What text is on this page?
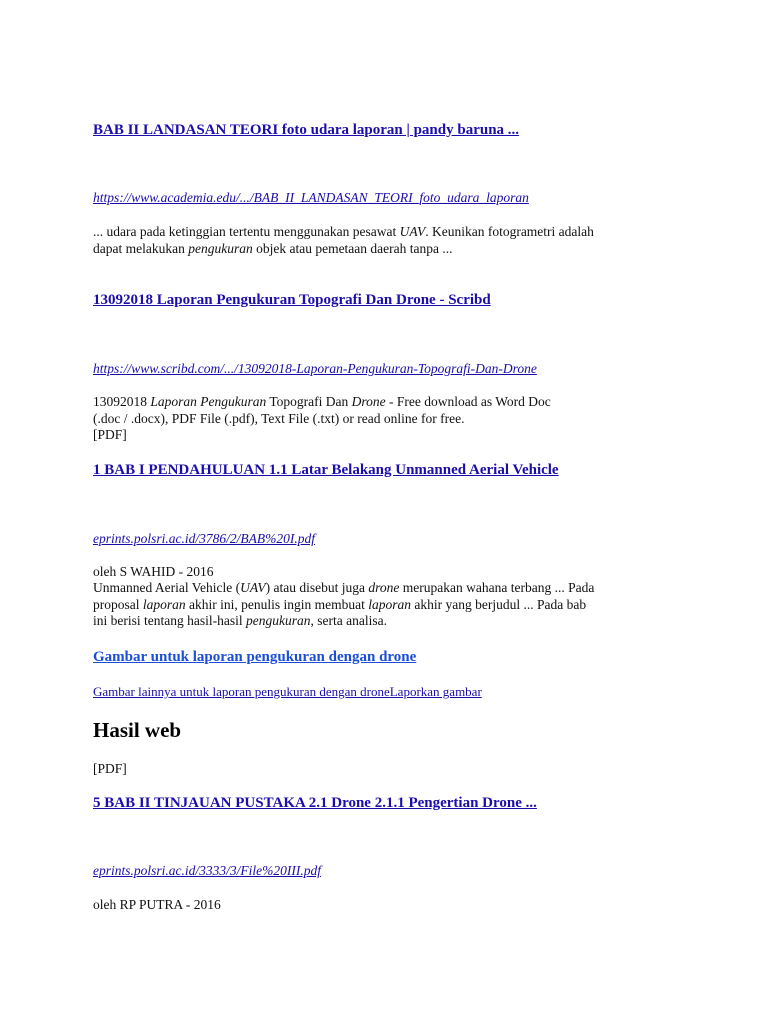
BAB II LANDASAN TEORI foto udara laporan | pandy baruna ...
https://www.academia.edu/.../BAB_II_LANDASAN_TEORI_foto_udara_laporan
... udara pada ketinggian tertentu menggunakan pesawat UAV. Keunikan fotogrametri adalah
dapat melakukan pengukuran objek atau pemetaan daerah tanpa ...
13092018 Laporan Pengukuran Topografi Dan Drone - Scribd
https://www.scribd.com/.../13092018-Laporan-Pengukuran-Topografi-Dan-Drone
13092018 Laporan Pengukuran Topografi Dan Drone - Free download as Word Doc
(.doc / .docx), PDF File (.pdf), Text File (.txt) or read online for free.
[PDF]
1 BAB I PENDAHULUAN 1.1 Latar Belakang Unmanned Aerial Vehicle
eprints.polsri.ac.id/3786/2/BAB%20I.pdf
oleh S WAHID - 2016
Unmanned Aerial Vehicle (UAV) atau disebut juga drone merupakan wahana terbang ... Pada
proposal laporan akhir ini, penulis ingin membuat laporan akhir yang berjudul ... Pada bab
ini berisi tentang hasil-hasil pengukuran, serta analisa.
Gambar untuk laporan pengukuran dengan drone
Gambar lainnya untuk laporan pengukuran dengan droneLaporkan gambar
Hasil web
[PDF]
5 BAB II TINJAUAN PUSTAKA 2.1 Drone 2.1.1 Pengertian Drone ...
eprints.polsri.ac.id/3333/3/File%20III.pdf
oleh RP PUTRA - 2016
